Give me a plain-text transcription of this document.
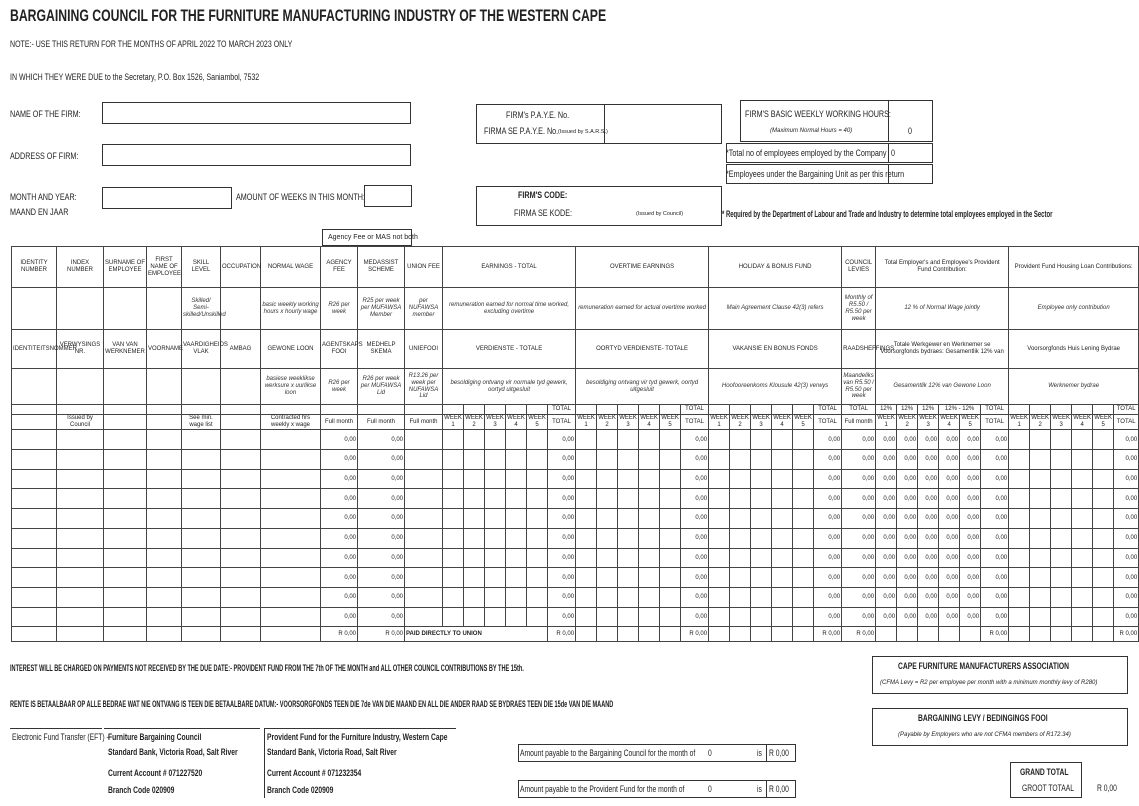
BARGAINING COUNCIL FOR THE FURNITURE MANUFACTURING INDUSTRY OF THE WESTERN CAPE
NOTE:- USE THIS RETURN FOR THE MONTHS OF APRIL 2022 TO MARCH 2023 ONLY
IN WHICH THEY WERE DUE to the Secretary, P.O. Box 1526, Saniambol, 7532
NAME OF THE FIRM:
ADDRESS OF FIRM:
MONTH AND YEAR:
MAAND EN JAAR
AMOUNT OF WEEKS IN THIS MONTH:
FIRM's P.A.Y.E. No.
FIRMA SE P.A.Y.E. No. (Issued by S.A.R.S.)
FIRM'S CODE:
FIRMA SE KODE:	(Issued by Council)
FIRM'S BASIC WEEKLY WORKING HOURS:
(Maximum Normal Hours = 40)	0
*Total no of employees employed by the Company 0
*Employees under the Bargaining Unit as per this return
* Required by the Department of Labour and Trade and Industry to determine total employees employed in the Sector
Agency Fee or MAS not both
IDENTITY NUMBER	INDEX NUMBER	SURNAME OF EMPLOYEE	FIRST NAME OF EMPLOYEE	SKILL LEVEL	OCCUPATION	NORMAL WAGE	AGENCY FEE	MEDASSIST SCHEME	UNION FEE	EARNINGS - TOTAL						OVERTIME EARNINGS						HOLIDAY & BONUS FUND						COUNCIL LEVIES	Total Employer's and Employee's Provident Fund Contribution:						Provident Fund Housing Loan Contributions:					
				Skilled/ Semi-skilled/Unskilled		basic weekly working hours x hourly wage	R26 per week	R25 per week per MUFAWSA Member	per NUFAWSA member	remuneration earned for normal time worked, excluding overtime						remuneration earned for actual overtime worked						Main Agreement Clause 42(3) refers						Monthly of R5.50 / R5.50 per week	12 % of Normal Wage jointly						Employee only contribution					
IDENTITEITSNOMMER	VERWYSINGS NR.	VAN VAN WERKNEMER	VOORNAME	VAARDIGHEIDS VLAK	AMBAG	GEWONE LOON	AGENTSKAPS FOOI	MEDHELP SKEMA	UNIEFOOI	VERDIENSTE - TOTALE						OORTYD VERDIENSTE- TOTALE						VAKANSIE EN BONUS FONDS						RAADSHEFFINGS	Totale Werkgewer en Werknemer se Voorsorgfonds bydraes: Gesamentlik 12% van						Voorsorgfonds Huis Lening Bydrae					
						basiese weeklikse werksure x uurlikse loon	R26 per week	R26 per week per MUFAWSA Lid	R13.26 per week per NUFAWSA Lid	besoldiging ontvang vir normale tyd gewerk, oortyd uitgesluit						besoldiging ontvang vir tyd gewerk, oortyd uitgesluit						Hoofooreenkoms Klousule 42(3) verwys						Maandeliks van R5.50 / R5.50 per week	Gesamentlik 12% van Gewone Loon						Werknemer bydrae					
															TOTAL						TOTAL						TOTAL	TOTAL	12%	12%	12%	12% - 12%		TOTAL						TOTAL
	Issued by Council			See min. wage list		Contracted hrs weekly x wage	Full month	Full month	Full month	WEEK 1	WEEK 2	WEEK 3	WEEK 4	WEEK 5	TOTAL	WEEK 1	WEEK 2	WEEK 3	WEEK 4	WEEK 5	TOTAL	WEEK 1	WEEK 2	WEEK 3	WEEK 4	WEEK 5	TOTAL	Full month	WEEK 1	WEEK 2	WEEK 3	WEEK 4	WEEK 5	TOTAL	WEEK 1	WEEK 2	WEEK 3	WEEK 4	WEEK 5	TOTAL
							0,00	0,00							0,00						0,00						0,00	0,00	0,00	0,00	0,00	0,00	0,00	0,00						0,00
							0,00	0,00							0,00						0,00						0,00	0,00	0,00	0,00	0,00	0,00	0,00	0,00						0,00
							0,00	0,00							0,00						0,00						0,00	0,00	0,00	0,00	0,00	0,00	0,00	0,00						0,00
							0,00	0,00							0,00						0,00						0,00	0,00	0,00	0,00	0,00	0,00	0,00	0,00						0,00
							0,00	0,00							0,00						0,00						0,00	0,00	0,00	0,00	0,00	0,00	0,00	0,00						0,00
							0,00	0,00							0,00						0,00						0,00	0,00	0,00	0,00	0,00	0,00	0,00	0,00						0,00
							0,00	0,00							0,00						0,00						0,00	0,00	0,00	0,00	0,00	0,00	0,00	0,00						0,00
							0,00	0,00							0,00						0,00						0,00	0,00	0,00	0,00	0,00	0,00	0,00	0,00						0,00
							0,00	0,00							0,00						0,00						0,00	0,00	0,00	0,00	0,00	0,00	0,00	0,00						0,00
							0,00	0,00							0,00						0,00						0,00	0,00	0,00	0,00	0,00	0,00	0,00	0,00						0,00
							R 0,00	R 0,00	PAID DIRECTLY TO UNION						R 0,00						R 0,00						R 0,00	R 0,00						R 0,00						R 0,00
INTEREST WILL BE CHARGED ON PAYMENTS NOT RECEIVED BY THE DUE DATE:- PROVIDENT FUND FROM THE 7th OF THE MONTH and ALL OTHER COUNCIL CONTRIBUTIONS BY THE 15th.
RENTE IS BETAALBAAR OP ALLE BEDRAE WAT NIE ONTVANG IS TEEN DIE BETAALBARE DATUM:- VOORSORGFONDS TEEN DIE 7de VAN DIE MAAND EN ALL DIE ANDER RAAD SE BYDRAES TEEN DIE 15de VAN DIE MAAND
CAPE FURNITURE MANUFACTURERS ASSOCIATION
(CFMA Levy = R2 per employee per month with a minimum monthly levy of R280)
BARGAINING LEVY / BEDINGINGS FOOI
(Payable by Employers who are not CFMA members of R172.34)
Electronic Fund Transfer (EFT) - Furniture Bargaining Council
Standard Bank, Victoria Road, Salt River
Current Account # 071227520
Branch Code 020909
Provident Fund for the Furniture Industry, Western Cape
Standard Bank, Victoria Road, Salt River
Current Account # 071232354
Branch Code 020909
Amount payable to the Bargaining Council for the month of 0	is R 0,00
Amount payable to the Provident Fund for the month of	0	is R 0,00
GRAND TOTAL
GROOT TOTAAL	R 0,00
